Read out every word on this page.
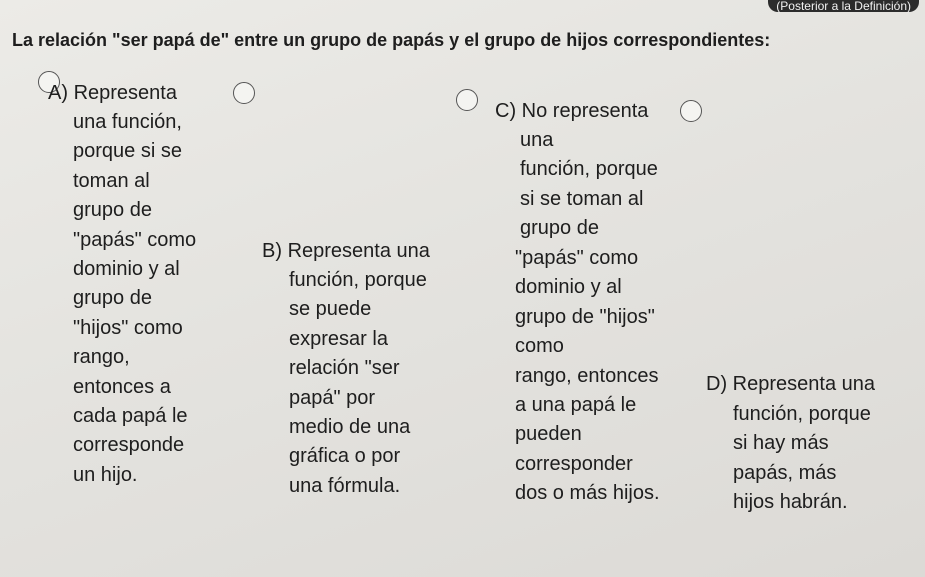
(Posterior a la Definición)
La relación "ser papá de" entre un grupo de papás y el grupo de hijos correspondientes:
A) Representa
una función,
porque si se
toman al
grupo de
"papás" como
dominio y al
grupo de
"hijos" como
rango,
entonces a
cada papá le
corresponde
un hijo.
B) Representa una
función, porque
se puede
expresar la
relación "ser
papá" por
medio de una
gráfica o por
una fórmula.
C) No representa
una
función, porque
si se toman al
grupo de
"papás" como
dominio y al
grupo de "hijos"
como
rango, entonces
a una papá le
pueden
corresponder
dos o más hijos.
D) Representa una
función, porque
si hay más
papás, más
hijos habrán.
